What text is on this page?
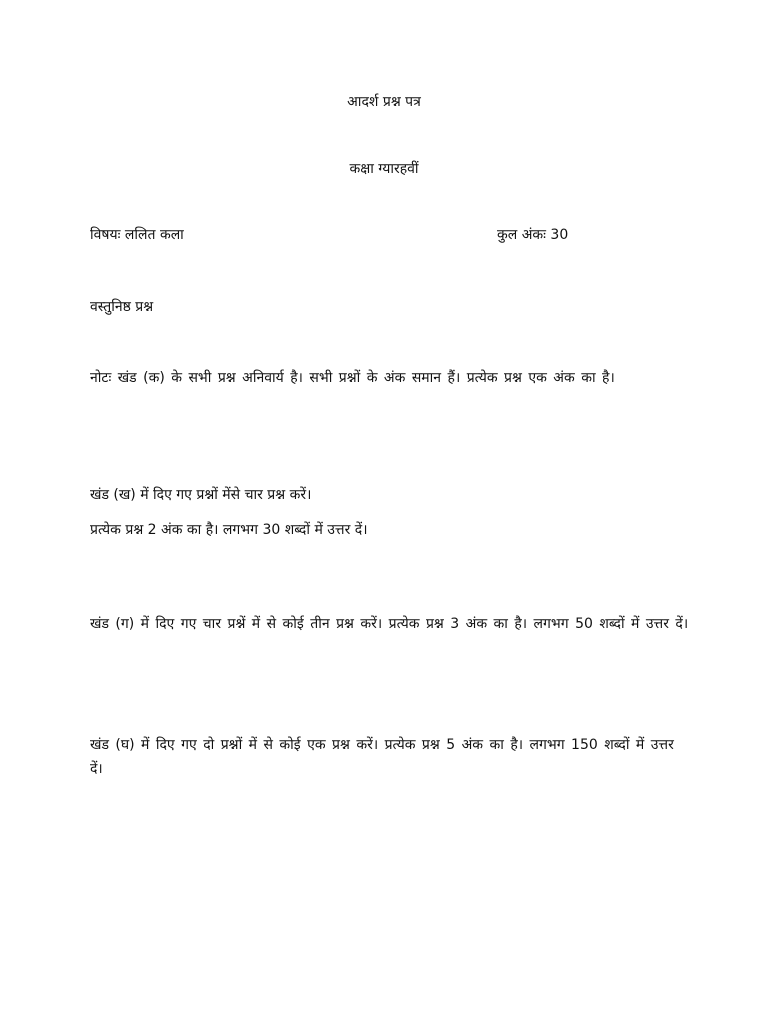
आदर्श प्रश्न पत्र
कक्षा ग्यारहवीं
विषयः ललित कला	कुल अंकः 30
वस्तुनिष्ठ प्रश्न
नोटः खंड (क) के सभी प्रश्न अनिवार्य है। सभी प्रश्नों के अंक समान हैं। प्रत्येक प्रश्न एक अंक का है।
खंड (ख) में दिए गए प्रश्नों मेंसे चार प्रश्न करें।
प्रत्येक प्रश्न 2 अंक का है। लगभग 30 शब्दों में उत्तर दें।
खंड (ग) में दिए गए चार प्रश्नें में से कोई तीन प्रश्न करें। प्रत्येक प्रश्न 3 अंक का है। लगभग 50 शब्दों में उत्तर दें।
खंड (घ) में दिए गए दो प्रश्नों में से कोई एक प्रश्न करें। प्रत्येक प्रश्न 5 अंक का है। लगभग 150 शब्दों में उत्तर दें।
